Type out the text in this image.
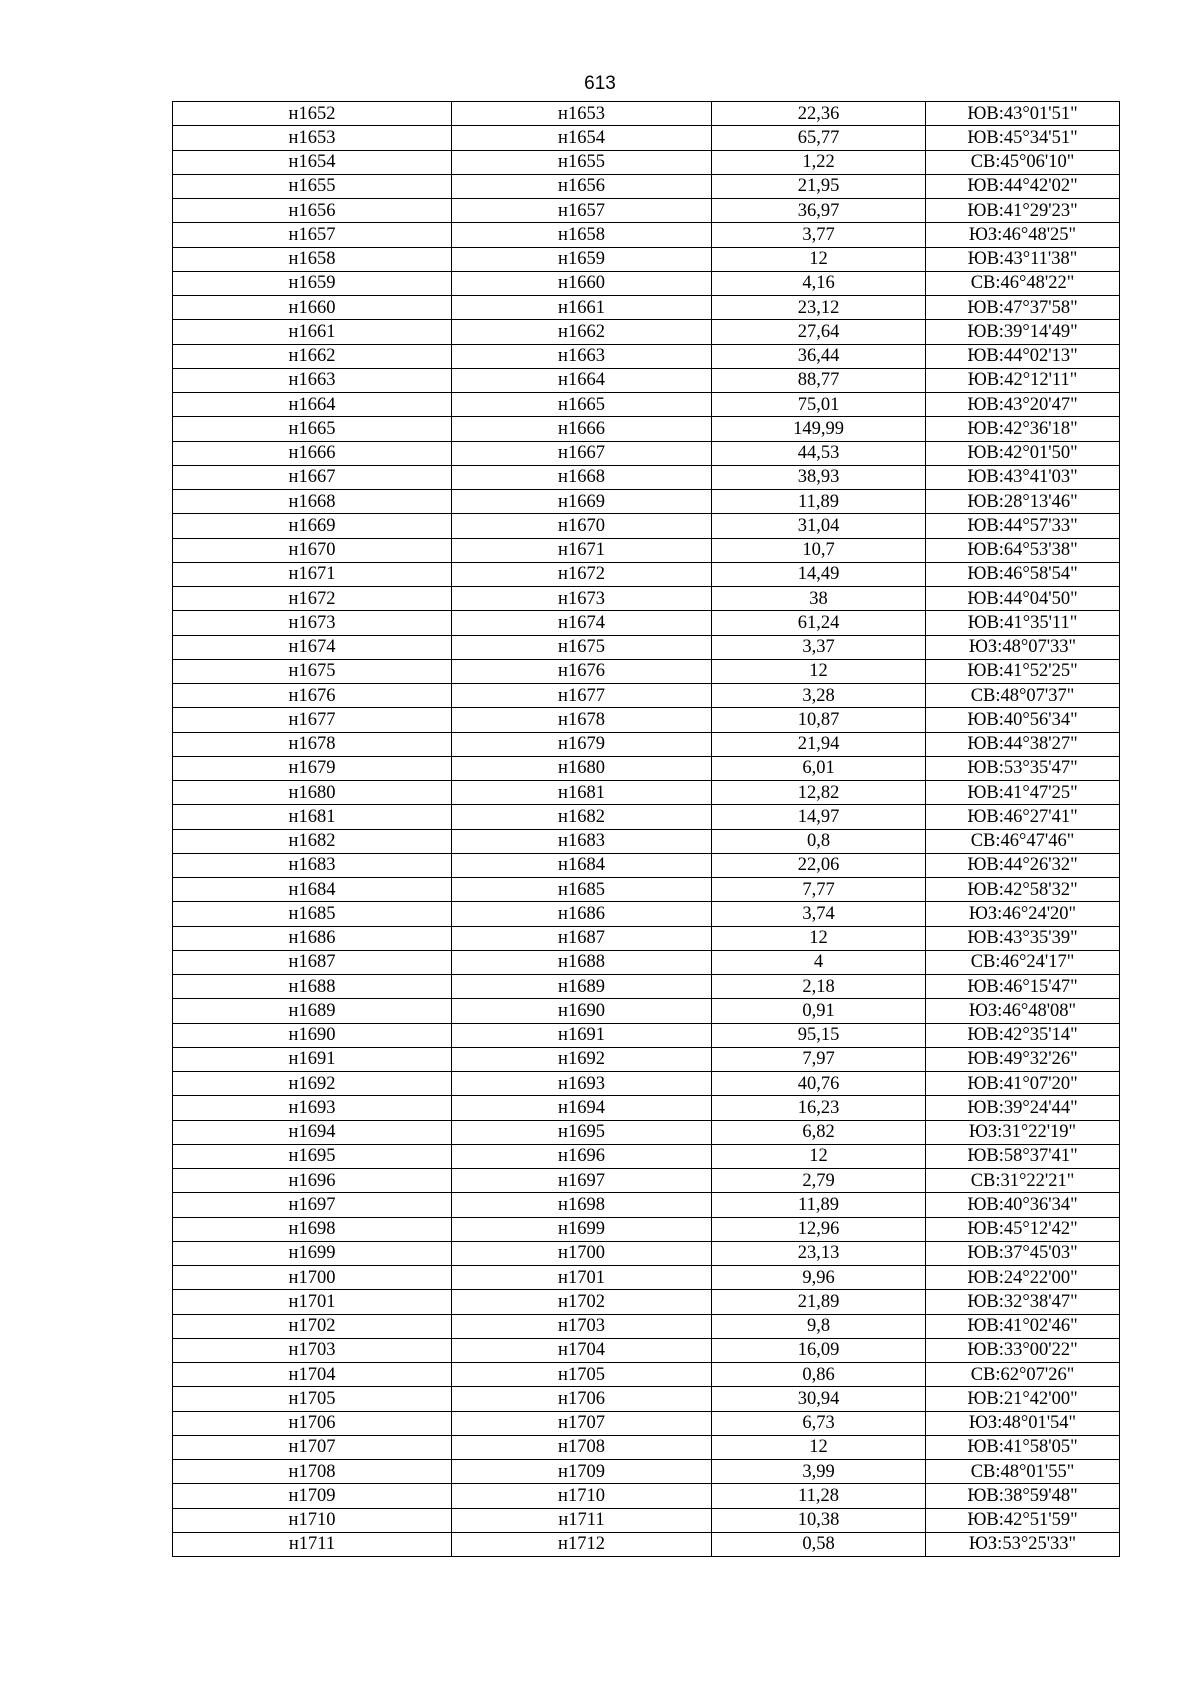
613
н1652	н1653	22,36	ЮВ:43°01'51"
н1653	н1654	65,77	ЮВ:45°34'51"
н1654	н1655	1,22	СВ:45°06'10"
н1655	н1656	21,95	ЮВ:44°42'02"
н1656	н1657	36,97	ЮВ:41°29'23"
н1657	н1658	3,77	ЮЗ:46°48'25"
н1658	н1659	12	ЮВ:43°11'38"
н1659	н1660	4,16	СВ:46°48'22"
н1660	н1661	23,12	ЮВ:47°37'58"
н1661	н1662	27,64	ЮВ:39°14'49"
н1662	н1663	36,44	ЮВ:44°02'13"
н1663	н1664	88,77	ЮВ:42°12'11"
н1664	н1665	75,01	ЮВ:43°20'47"
н1665	н1666	149,99	ЮВ:42°36'18"
н1666	н1667	44,53	ЮВ:42°01'50"
н1667	н1668	38,93	ЮВ:43°41'03"
н1668	н1669	11,89	ЮВ:28°13'46"
н1669	н1670	31,04	ЮВ:44°57'33"
н1670	н1671	10,7	ЮВ:64°53'38"
н1671	н1672	14,49	ЮВ:46°58'54"
н1672	н1673	38	ЮВ:44°04'50"
н1673	н1674	61,24	ЮВ:41°35'11"
н1674	н1675	3,37	ЮЗ:48°07'33"
н1675	н1676	12	ЮВ:41°52'25"
н1676	н1677	3,28	СВ:48°07'37"
н1677	н1678	10,87	ЮВ:40°56'34"
н1678	н1679	21,94	ЮВ:44°38'27"
н1679	н1680	6,01	ЮВ:53°35'47"
н1680	н1681	12,82	ЮВ:41°47'25"
н1681	н1682	14,97	ЮВ:46°27'41"
н1682	н1683	0,8	СВ:46°47'46"
н1683	н1684	22,06	ЮВ:44°26'32"
н1684	н1685	7,77	ЮВ:42°58'32"
н1685	н1686	3,74	ЮЗ:46°24'20"
н1686	н1687	12	ЮВ:43°35'39"
н1687	н1688	4	СВ:46°24'17"
н1688	н1689	2,18	ЮВ:46°15'47"
н1689	н1690	0,91	ЮЗ:46°48'08"
н1690	н1691	95,15	ЮВ:42°35'14"
н1691	н1692	7,97	ЮВ:49°32'26"
н1692	н1693	40,76	ЮВ:41°07'20"
н1693	н1694	16,23	ЮВ:39°24'44"
н1694	н1695	6,82	ЮЗ:31°22'19"
н1695	н1696	12	ЮВ:58°37'41"
н1696	н1697	2,79	СВ:31°22'21"
н1697	н1698	11,89	ЮВ:40°36'34"
н1698	н1699	12,96	ЮВ:45°12'42"
н1699	н1700	23,13	ЮВ:37°45'03"
н1700	н1701	9,96	ЮВ:24°22'00"
н1701	н1702	21,89	ЮВ:32°38'47"
н1702	н1703	9,8	ЮВ:41°02'46"
н1703	н1704	16,09	ЮВ:33°00'22"
н1704	н1705	0,86	СВ:62°07'26"
н1705	н1706	30,94	ЮВ:21°42'00"
н1706	н1707	6,73	ЮЗ:48°01'54"
н1707	н1708	12	ЮВ:41°58'05"
н1708	н1709	3,99	СВ:48°01'55"
н1709	н1710	11,28	ЮВ:38°59'48"
н1710	н1711	10,38	ЮВ:42°51'59"
н1711	н1712	0,58	ЮЗ:53°25'33"
